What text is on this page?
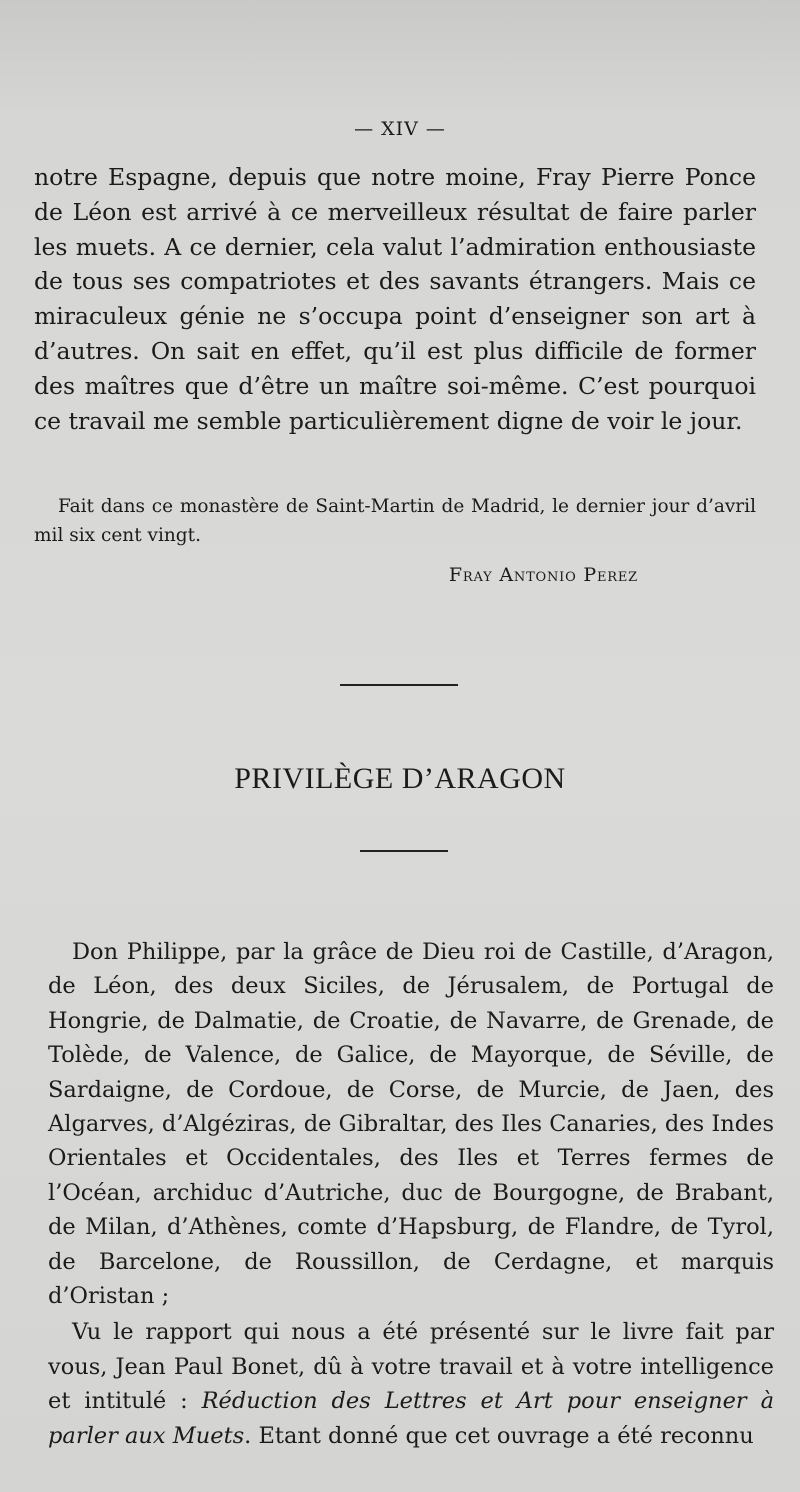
— XIV —

notre Espagne, depuis que notre moine, Fray Pierre Ponce de Léon est arrivé à ce merveilleux résultat de faire parler les muets. A ce dernier, cela valut l’admiration enthousiaste de tous ses compatriotes et des savants étrangers. Mais ce miraculeux génie ne s’occupa point d’enseigner son art à d’autres. On sait en effet, qu’il est plus difficile de former des maîtres que d’être un maître soi-même. C’est pourquoi ce travail me semble particulièrement digne de voir le jour.

Fait dans ce monastère de Saint-Martin de Madrid, le dernier jour d’avril mil six cent vingt.

Fray Antonio Perez
PRIVILÈGE D’ARAGON

Don Philippe, par la grâce de Dieu roi de Castille, d’Aragon, de Léon, des deux Siciles, de Jérusalem, de Portugal de Hongrie, de Dalmatie, de Croatie, de Navarre, de Grenade, de Tolède, de Valence, de Galice, de Mayorque, de Séville, de Sardaigne, de Cordoue, de Corse, de Murcie, de Jaen, des Algarves, d’Algéziras, de Gibraltar, des Iles Canaries, des Indes Orientales et Occidentales, des Iles et Terres fermes de l’Océan, archiduc d’Autriche, duc de Bourgogne, de Brabant, de Milan, d’Athènes, comte d’Hapsburg, de Flandre, de Tyrol, de Barcelone, de Roussillon, de Cerdagne, et marquis d’Oristan ;

Vu le rapport qui nous a été présenté sur le livre fait par vous, Jean Paul Bonet, dû à votre travail et à votre intelligence et intitulé : Réduction des Lettres et Art pour enseigner à parler aux Muets. Etant donné que cet ouvrage a été reconnu
